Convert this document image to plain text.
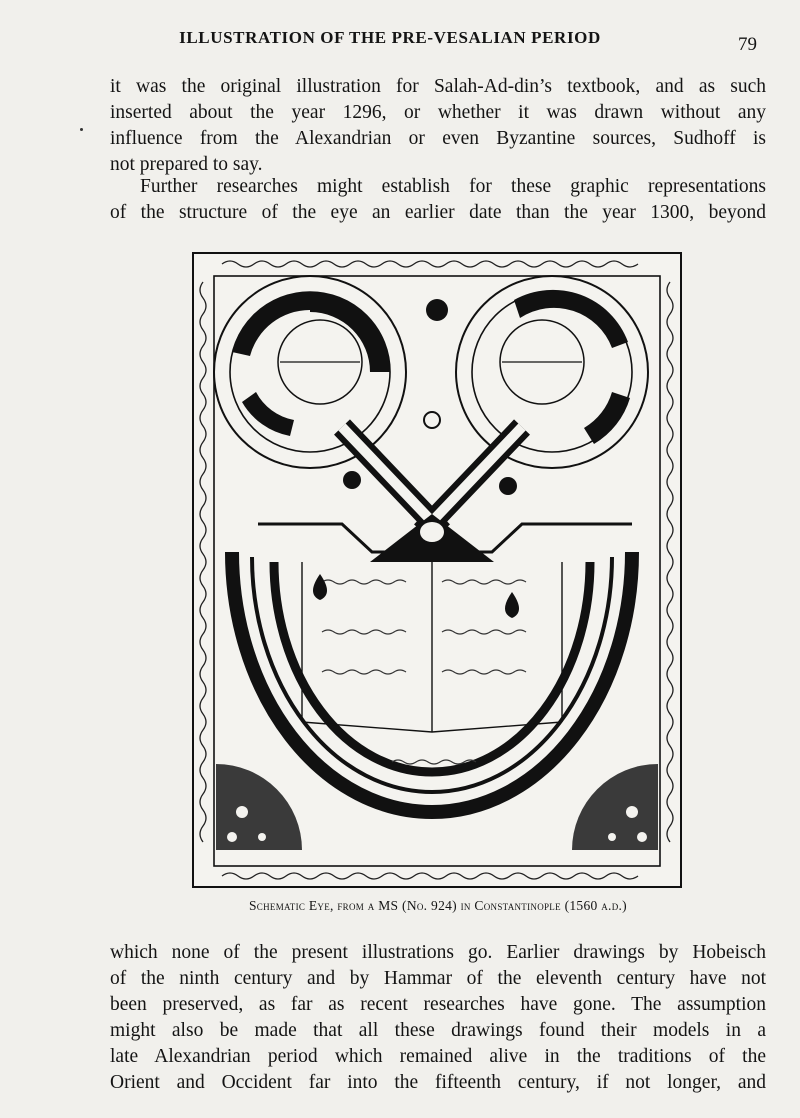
ILLUSTRATION OF THE PRE-VESALIAN PERIOD	79

it was the original illustration for Salah-Ad-din’s textbook, and as such
inserted about the year 1296, or whether it was drawn without any
influence from the Alexandrian or even Byzantine sources, Sudhoff is
not prepared to say.

Further researches might establish for these graphic representations
of the structure of the eye an earlier date than the year 1300, beyond

Schematic Eye, from a MS (No. 924) in Constantinople (1560 a.d.)

which none of the present illustrations go. Earlier drawings by Hobeisch
of the ninth century and by Hammar of the eleventh century have not
been preserved, as far as recent researches have gone. The assumption
might also be made that all these drawings found their models in a
late Alexandrian period which remained alive in the traditions of the
Orient and Occident far into the fifteenth century, if not longer, and
